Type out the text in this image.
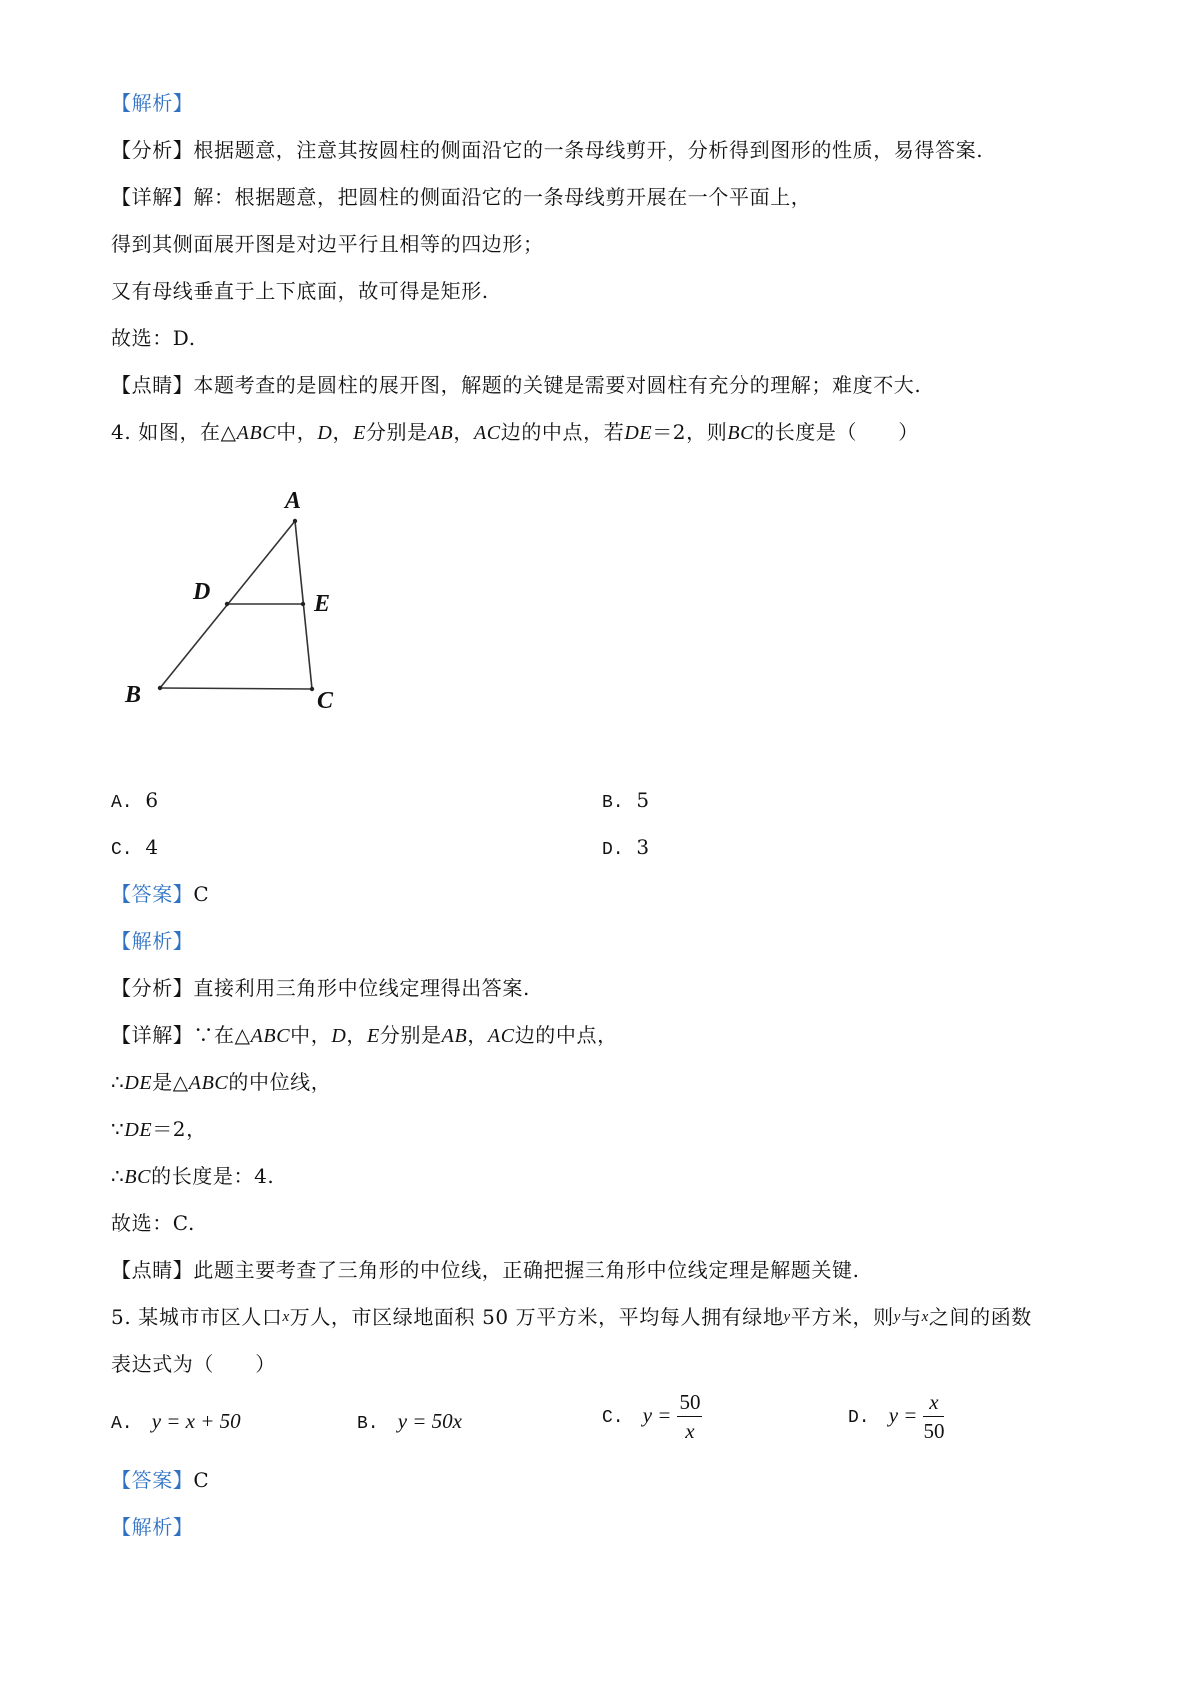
【解析】
【分析】根据题意，注意其按圆柱的侧面沿它的一条母线剪开，分析得到图形的性质，易得答案.
【详解】解：根据题意，把圆柱的侧面沿它的一条母线剪开展在一个平面上，
得到其侧面展开图是对边平行且相等的四边形；
又有母线垂直于上下底面，故可得是矩形.
故选：D.
【点睛】本题考查的是圆柱的展开图，解题的关键是需要对圆柱有充分的理解；难度不大.
4. 如图，在△ABC中，D，E分别是AB，AC边的中点，若DE＝2，则BC的长度是（　　）
A
D	E
B	C
A. 6	B. 5
C. 4	D. 3
【答案】C
【解析】
【分析】直接利用三角形中位线定理得出答案.
【详解】∵在△ABC中，D，E分别是AB，AC边的中点，
∴DE是△ABC的中位线，
∵DE＝2，
∴BC的长度是：4.
故选：C.
【点睛】此题主要考查了三角形的中位线，正确把握三角形中位线定理是解题关键.
5. 某城市市区人口x万人，市区绿地面积 50 万平方米，平均每人拥有绿地y平方米，则y与x之间的函数
表达式为（　　）
A. y = x + 50	B. y = 50x	C. $y = \frac{50}{x}$	D. $y = \frac{x}{50}$
【答案】C
【解析】
